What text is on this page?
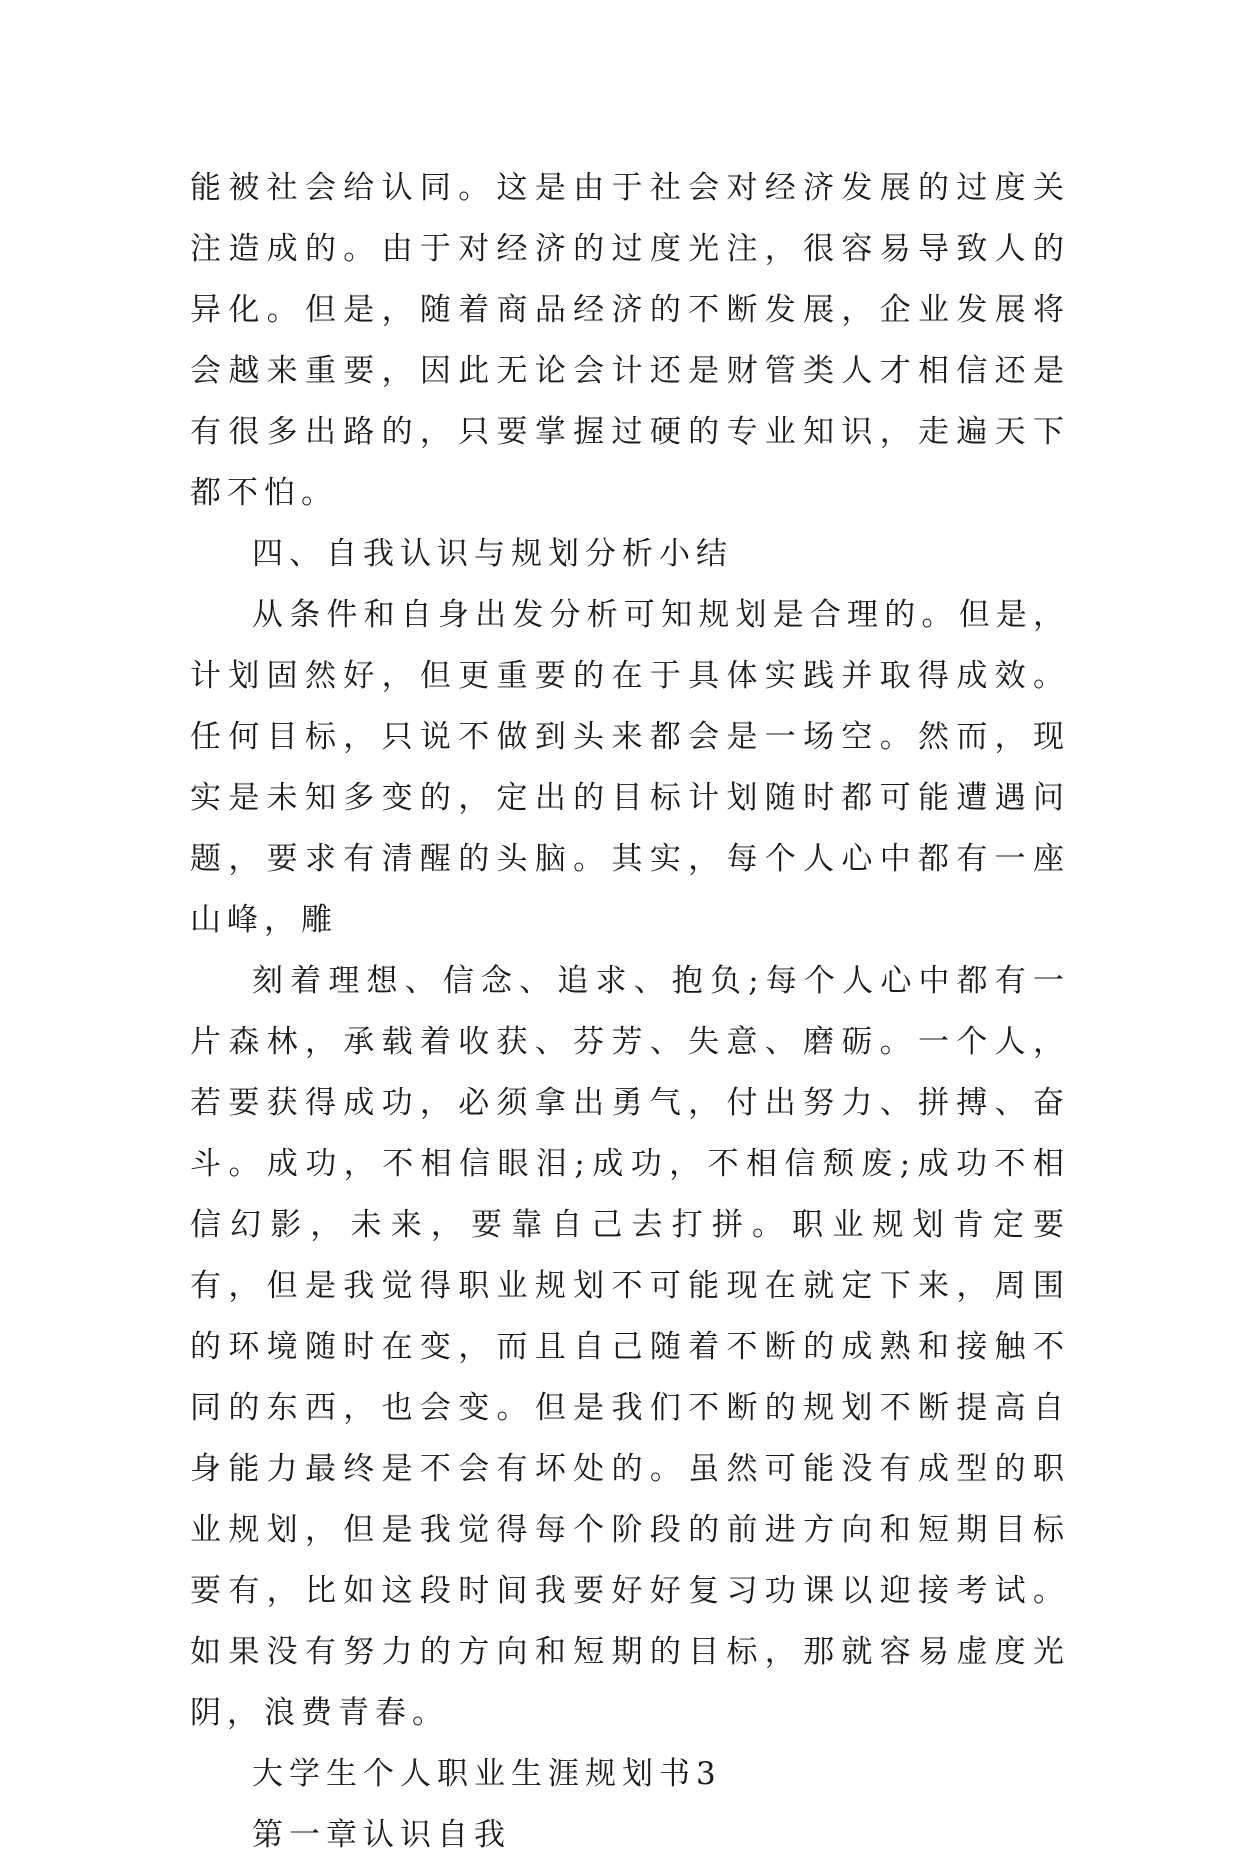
能被社会给认同。这是由于社会对经济发展的过度关注造成的。由于对经济的过度光注，很容易导致人的异化。但是，随着商品经济的不断发展，企业发展将会越来重要，因此无论会计还是财管类人才相信还是有很多出路的，只要掌握过硬的专业知识，走遍天下都不怕。

四、自我认识与规划分析小结

从条件和自身出发分析可知规划是合理的。但是，计划固然好，但更重要的在于具体实践并取得成效。任何目标，只说不做到头来都会是一场空。然而，现实是未知多变的，定出的目标计划随时都可能遭遇问题，要求有清醒的头脑。其实，每个人心中都有一座山峰，雕

刻着理想、信念、追求、抱负;每个人心中都有一片森林，承载着收获、芬芳、失意、磨砺。一个人，若要获得成功，必须拿出勇气，付出努力、拼搏、奋斗。成功，不相信眼泪;成功，不相信颓废;成功不相信幻影，未来，要靠自己去打拼。职业规划肯定要有，但是我觉得职业规划不可能现在就定下来，周围的环境随时在变，而且自己随着不断的成熟和接触不同的东西，也会变。但是我们不断的规划不断提高自身能力最终是不会有坏处的。虽然可能没有成型的职业规划，但是我觉得每个阶段的前进方向和短期目标要有，比如这段时间我要好好复习功课以迎接考试。如果没有努力的方向和短期的目标，那就容易虚度光阴，浪费青春。

大学生个人职业生涯规划书3

第一章认识自我
